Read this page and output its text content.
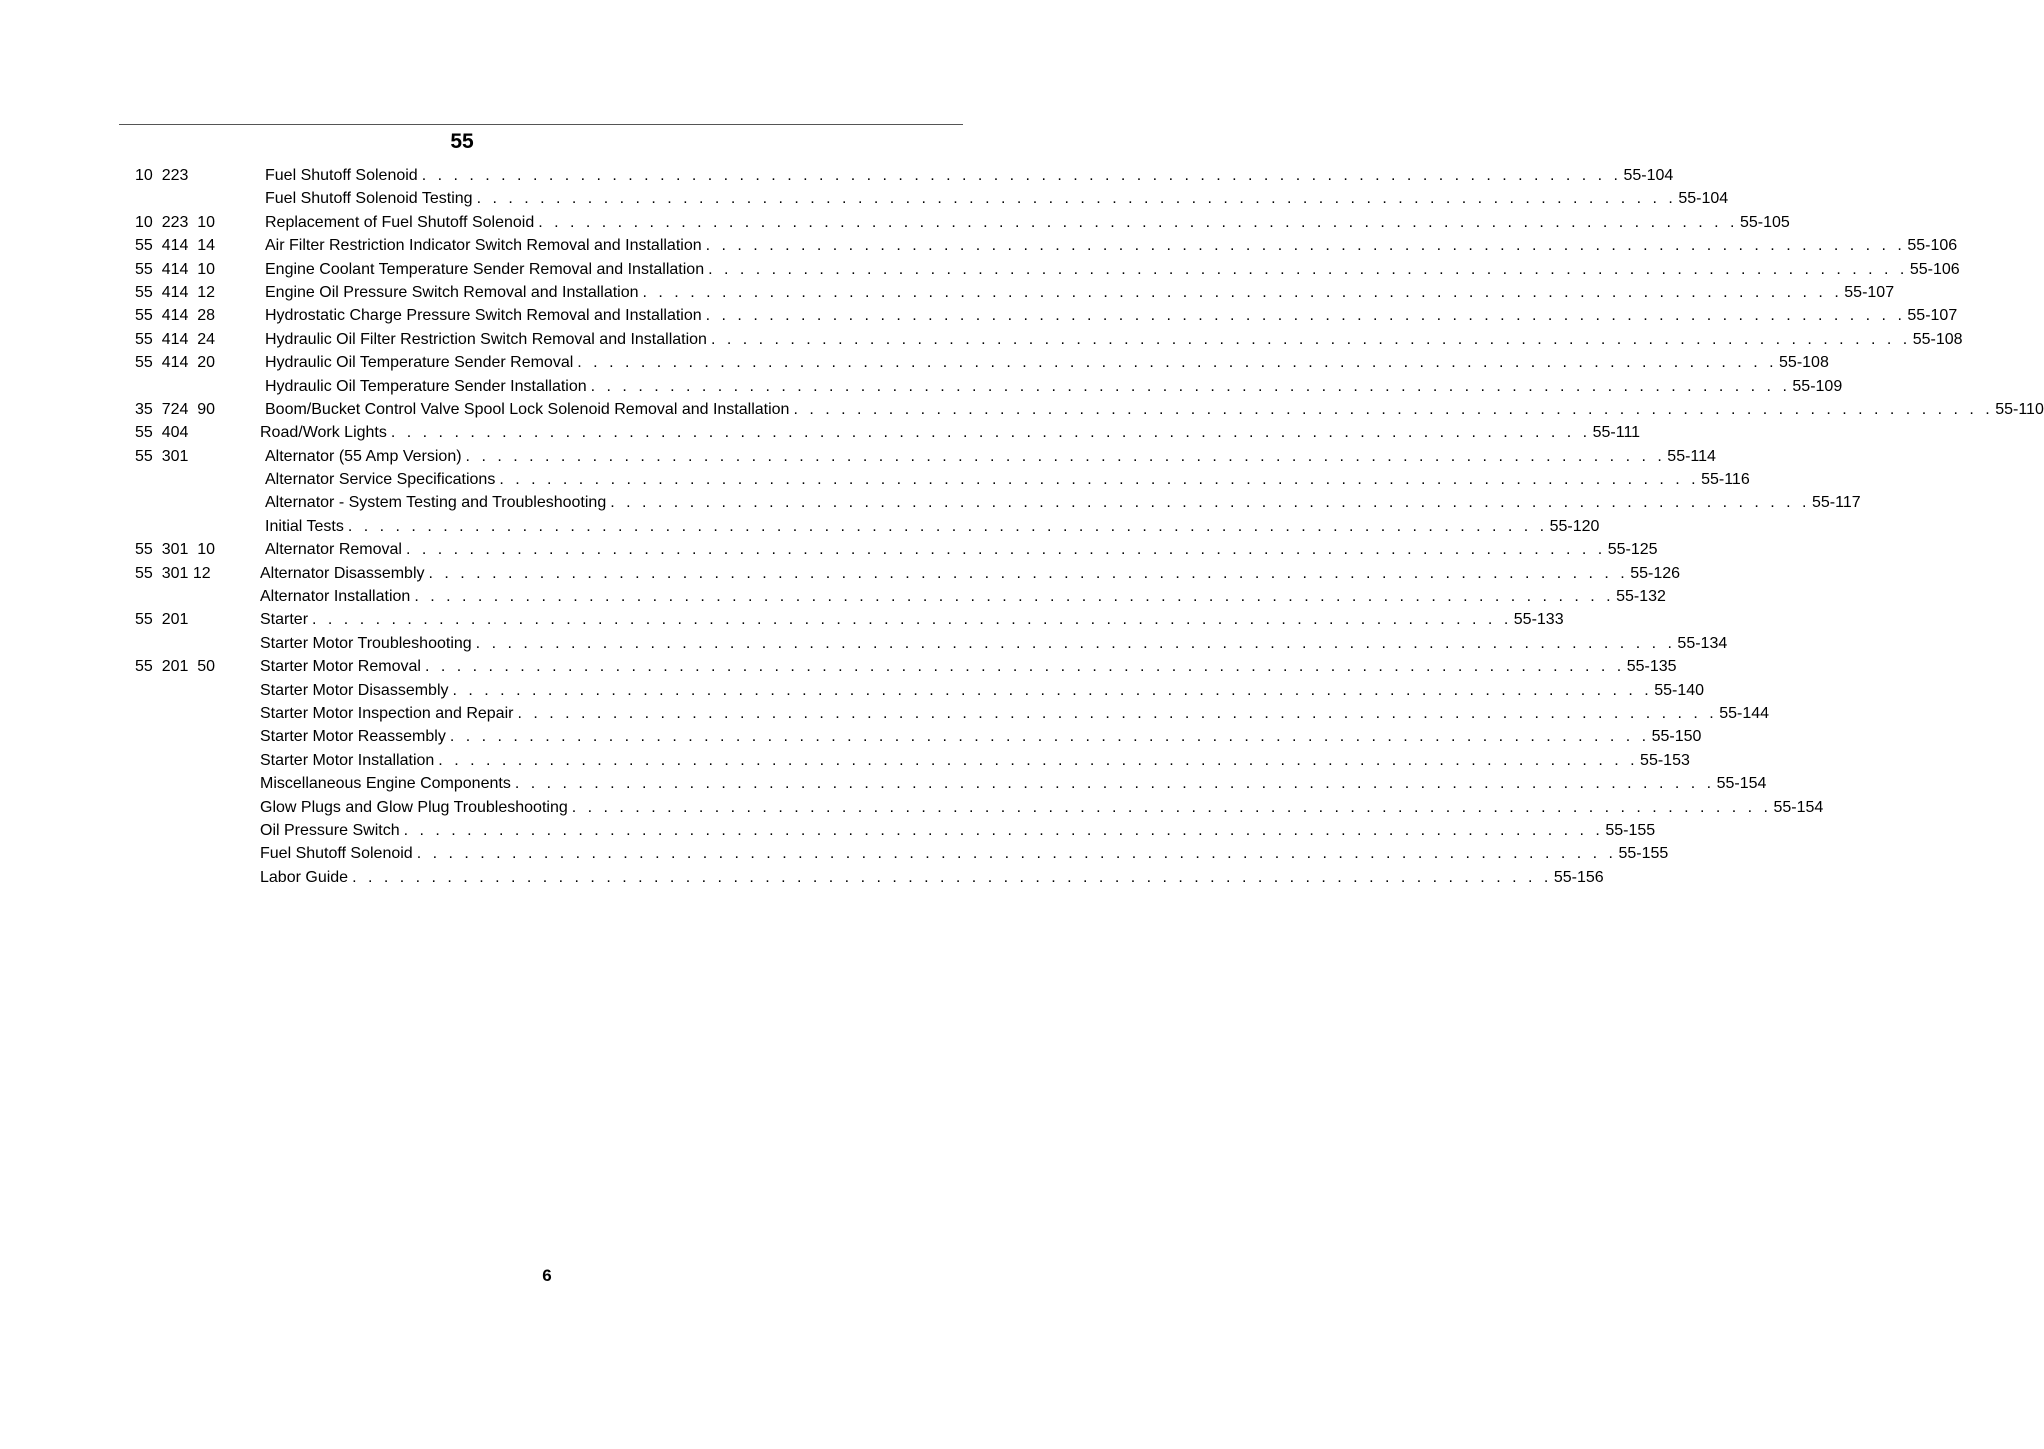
55
10  223	Fuel Shutoff Solenoid . . . . . . . . . . . . . . . . . . . . . . . . . . . . . . . . . . . . . . . . . . . . . . . . . . . . . . . . . . . . . . . . . . . . . . . . . . . . 55-104
Fuel Shutoff Solenoid Testing . . . . . . . . . . . . . . . . . . . . . . . . . . . . . . . . . . . . . . . . . . . . . . . . . . . . . . . . . . . . . . . . . . . . . . . . . . . . 55-104
10  223  10	Replacement of Fuel Shutoff Solenoid . . . . . . . . . . . . . . . . . . . . . . . . . . . . . . . . . . . . . . . . . . . . . . . . . . . . . . . . . . . . . . . . . . . . . . . . . . . . 55-105
55  414  14	Air Filter Restriction Indicator Switch Removal and Installation . . . . . . . . . . . . . . . . . . . . . . . . . . . . . . . . . . . . . . . . . . . . . . . . . . . . . . . . . . . . . . . . . . . . . . . . . . . . 55-106
55  414  10	Engine Coolant Temperature Sender Removal and Installation . . . . . . . . . . . . . . . . . . . . . . . . . . . . . . . . . . . . . . . . . . . . . . . . . . . . . . . . . . . . . . . . . . . . . . . . . . . . 55-106
55  414  12	Engine Oil Pressure Switch Removal and Installation . . . . . . . . . . . . . . . . . . . . . . . . . . . . . . . . . . . . . . . . . . . . . . . . . . . . . . . . . . . . . . . . . . . . . . . . . . . . 55-107
55  414  28	Hydrostatic Charge Pressure Switch Removal and Installation . . . . . . . . . . . . . . . . . . . . . . . . . . . . . . . . . . . . . . . . . . . . . . . . . . . . . . . . . . . . . . . . . . . . . . . . . . . . 55-107
55  414  24	Hydraulic Oil Filter Restriction Switch Removal and Installation . . . . . . . . . . . . . . . . . . . . . . . . . . . . . . . . . . . . . . . . . . . . . . . . . . . . . . . . . . . . . . . . . . . . . . . . . . . . 55-108
55  414  20	Hydraulic Oil Temperature Sender Removal . . . . . . . . . . . . . . . . . . . . . . . . . . . . . . . . . . . . . . . . . . . . . . . . . . . . . . . . . . . . . . . . . . . . . . . . . . . . 55-108
Hydraulic Oil Temperature Sender Installation . . . . . . . . . . . . . . . . . . . . . . . . . . . . . . . . . . . . . . . . . . . . . . . . . . . . . . . . . . . . . . . . . . . . . . . . . . . . 55-109
35  724  90	Boom/Bucket Control Valve Spool Lock Solenoid Removal and Installation . . . . . . . . . . . . . . . . . . . . . . . . . . . . . . . . . . . . . . . . . . . . . . . . . . . . . . . . . . . . . . . . . . . . . . . . . . . . 55-110
55  404	Road/Work Lights . . . . . . . . . . . . . . . . . . . . . . . . . . . . . . . . . . . . . . . . . . . . . . . . . . . . . . . . . . . . . . . . . . . . . . . . . . . . 55-111
55  301	Alternator (55 Amp Version) . . . . . . . . . . . . . . . . . . . . . . . . . . . . . . . . . . . . . . . . . . . . . . . . . . . . . . . . . . . . . . . . . . . . . . . . . . . . 55-114
Alternator Service Specifications . . . . . . . . . . . . . . . . . . . . . . . . . . . . . . . . . . . . . . . . . . . . . . . . . . . . . . . . . . . . . . . . . . . . . . . . . . . . 55-116
Alternator - System Testing and Troubleshooting . . . . . . . . . . . . . . . . . . . . . . . . . . . . . . . . . . . . . . . . . . . . . . . . . . . . . . . . . . . . . . . . . . . . . . . . . . . . 55-117
Initial Tests . . . . . . . . . . . . . . . . . . . . . . . . . . . . . . . . . . . . . . . . . . . . . . . . . . . . . . . . . . . . . . . . . . . . . . . . . . . . 55-120
55  301  10	Alternator Removal . . . . . . . . . . . . . . . . . . . . . . . . . . . . . . . . . . . . . . . . . . . . . . . . . . . . . . . . . . . . . . . . . . . . . . . . . . . . 55-125
55  301 12	Alternator Disassembly . . . . . . . . . . . . . . . . . . . . . . . . . . . . . . . . . . . . . . . . . . . . . . . . . . . . . . . . . . . . . . . . . . . . . . . . . . . . 55-126
Alternator Installation . . . . . . . . . . . . . . . . . . . . . . . . . . . . . . . . . . . . . . . . . . . . . . . . . . . . . . . . . . . . . . . . . . . . . . . . . . . . 55-132
55  201	Starter . . . . . . . . . . . . . . . . . . . . . . . . . . . . . . . . . . . . . . . . . . . . . . . . . . . . . . . . . . . . . . . . . . . . . . . . . . . . 55-133
Starter Motor Troubleshooting . . . . . . . . . . . . . . . . . . . . . . . . . . . . . . . . . . . . . . . . . . . . . . . . . . . . . . . . . . . . . . . . . . . . . . . . . . . . 55-134
55  201  50	Starter Motor Removal . . . . . . . . . . . . . . . . . . . . . . . . . . . . . . . . . . . . . . . . . . . . . . . . . . . . . . . . . . . . . . . . . . . . . . . . . . . . 55-135
Starter Motor Disassembly . . . . . . . . . . . . . . . . . . . . . . . . . . . . . . . . . . . . . . . . . . . . . . . . . . . . . . . . . . . . . . . . . . . . . . . . . . . . 55-140
Starter Motor Inspection and Repair . . . . . . . . . . . . . . . . . . . . . . . . . . . . . . . . . . . . . . . . . . . . . . . . . . . . . . . . . . . . . . . . . . . . . . . . . . . . 55-144
Starter Motor Reassembly . . . . . . . . . . . . . . . . . . . . . . . . . . . . . . . . . . . . . . . . . . . . . . . . . . . . . . . . . . . . . . . . . . . . . . . . . . . . 55-150
Starter Motor Installation . . . . . . . . . . . . . . . . . . . . . . . . . . . . . . . . . . . . . . . . . . . . . . . . . . . . . . . . . . . . . . . . . . . . . . . . . . . . 55-153
Miscellaneous Engine Components . . . . . . . . . . . . . . . . . . . . . . . . . . . . . . . . . . . . . . . . . . . . . . . . . . . . . . . . . . . . . . . . . . . . . . . . . . . . 55-154
Glow Plugs and Glow Plug Troubleshooting . . . . . . . . . . . . . . . . . . . . . . . . . . . . . . . . . . . . . . . . . . . . . . . . . . . . . . . . . . . . . . . . . . . . . . . . . . . . 55-154
Oil Pressure Switch . . . . . . . . . . . . . . . . . . . . . . . . . . . . . . . . . . . . . . . . . . . . . . . . . . . . . . . . . . . . . . . . . . . . . . . . . . . . 55-155
Fuel Shutoff Solenoid . . . . . . . . . . . . . . . . . . . . . . . . . . . . . . . . . . . . . . . . . . . . . . . . . . . . . . . . . . . . . . . . . . . . . . . . . . . . 55-155
Labor Guide . . . . . . . . . . . . . . . . . . . . . . . . . . . . . . . . . . . . . . . . . . . . . . . . . . . . . . . . . . . . . . . . . . . . . . . . . . . . 55-156
6
